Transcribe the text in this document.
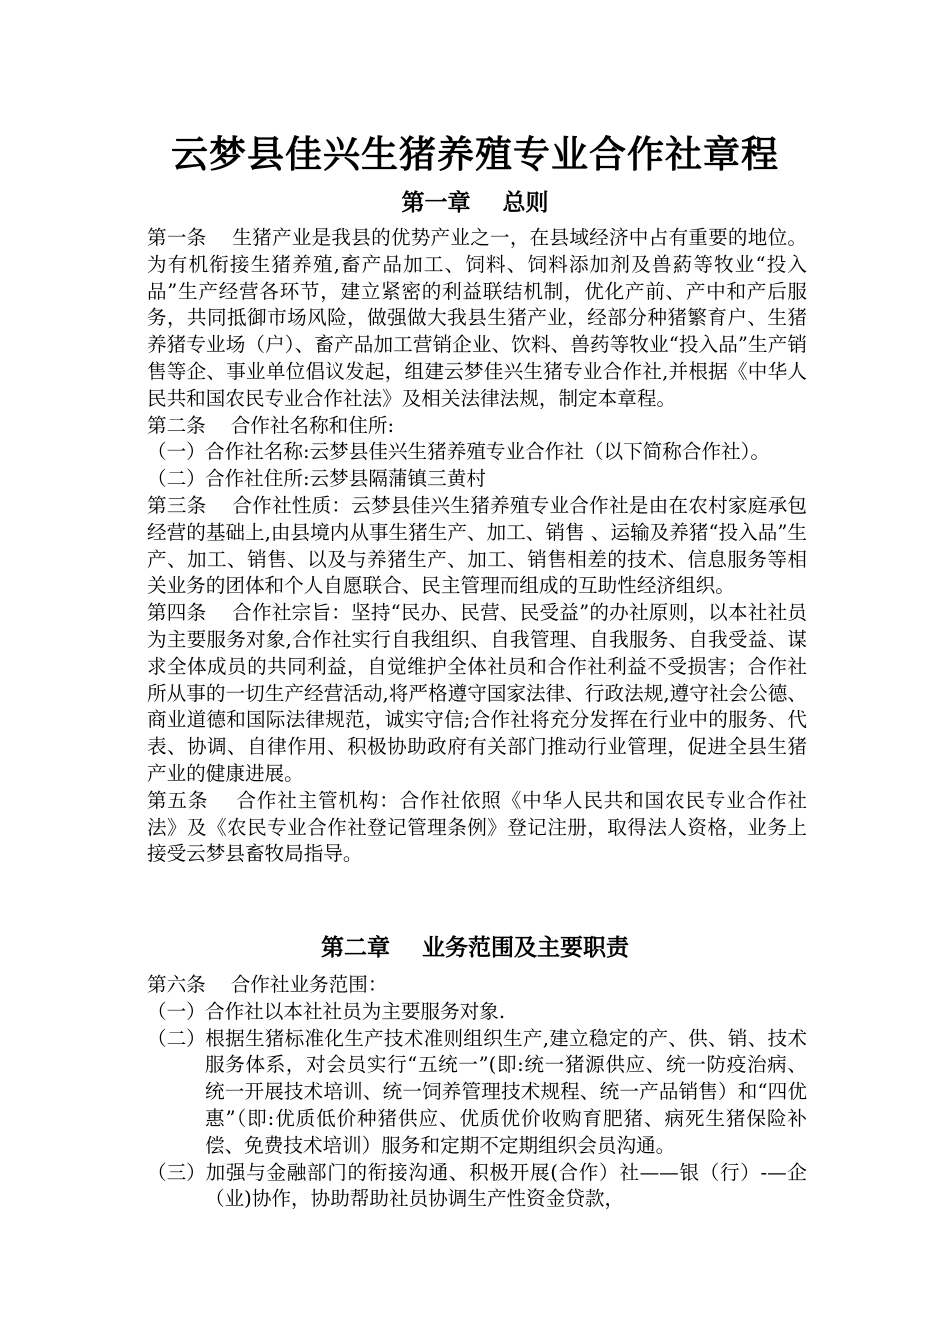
云梦县佳兴生猪养殖专业合作社章程
第一章    总则
第一条    生猪产业是我县的优势产业之一，在县域经济中占有重要的地位。为有机衔接生猪养殖,畜产品加工、饲料、饲料添加剂及兽葯等牧业“投入品”生产经营各环节，建立紧密的利益联结机制，优化产前、产中和产后服务，共同抵御市场风险，做强做大我县生猪产业，经部分种猪繁育户、生猪养猪专业场（户）、畜产品加工营销企业、饮料、兽药等牧业“投入品”生产销售等企、事业单位倡议发起，组建云梦佳兴生猪专业合作社,并根据《中华人民共和国农民专业合作社法》及相关法律法规，制定本章程。
第二条    合作社名称和住所:

（一）合作社名称:云梦县佳兴生猪养殖专业合作社（以下简称合作社）。
（二）合作社住所:云梦县隔蒲镇三黄村
第三条    合作社性质：云梦县佳兴生猪养殖专业合作社是由在农村家庭承包经营的基础上,由县境内从事生猪生产、加工、销售 、运输及养猪“投入品”生产、加工、销售、以及与养猪生产、加工、销售相差的技术、信息服务等相关业务的团体和个人自愿联合、民主管理而组成的互助性经济组织。
第四条    合作社宗旨：坚持“民办、民营、民受益”的办社原则，以本社社员为主要服务对象,合作社实行自我组织、自我管理、自我服务、自我受益、谋求全体成员的共同利益，自觉维护全体社员和合作社利益不受损害；合作社所从事的一切生产经营活动,将严格遵守国家法律、行政法规,遵守社会公德、商业道德和国际法律规范，诚实守信;合作社将充分发挥在行业中的服务、代表、协调、自律作用、积极协助政府有关部门推动行业管理，促进全县生猪产业的健康进展。
第五条    合作社主管机构：合作社依照《中华人民共和国农民专业合作社法》及《农民专业合作社登记管理条例》登记注册，取得法人资格，业务上接受云梦县畜牧局指导。
第二章    业务范围及主要职责
第六条    合作社业务范围：

（一）合作社以本社社员为主要服务对象.
（二）根据生猪标准化生产技术准则组织生产,建立稳定的产、供、销、技术服务体系，对会员实行“五统一”(即:统一猪源供应、统一防疫治病、统一开展技术培训、统一饲养管理技术规程、统一产品销售）和“四优惠”（即:优质低价种猪供应、优质优价收购育肥猪、病死生猪保险补偿、免费技术培训）服务和定期不定期组织会员沟通。
（三）加强与金融部门的衔接沟通、积极开展(合作）社——银（行）-—企（业)协作，协助帮助社员协调生产性资金贷款，
